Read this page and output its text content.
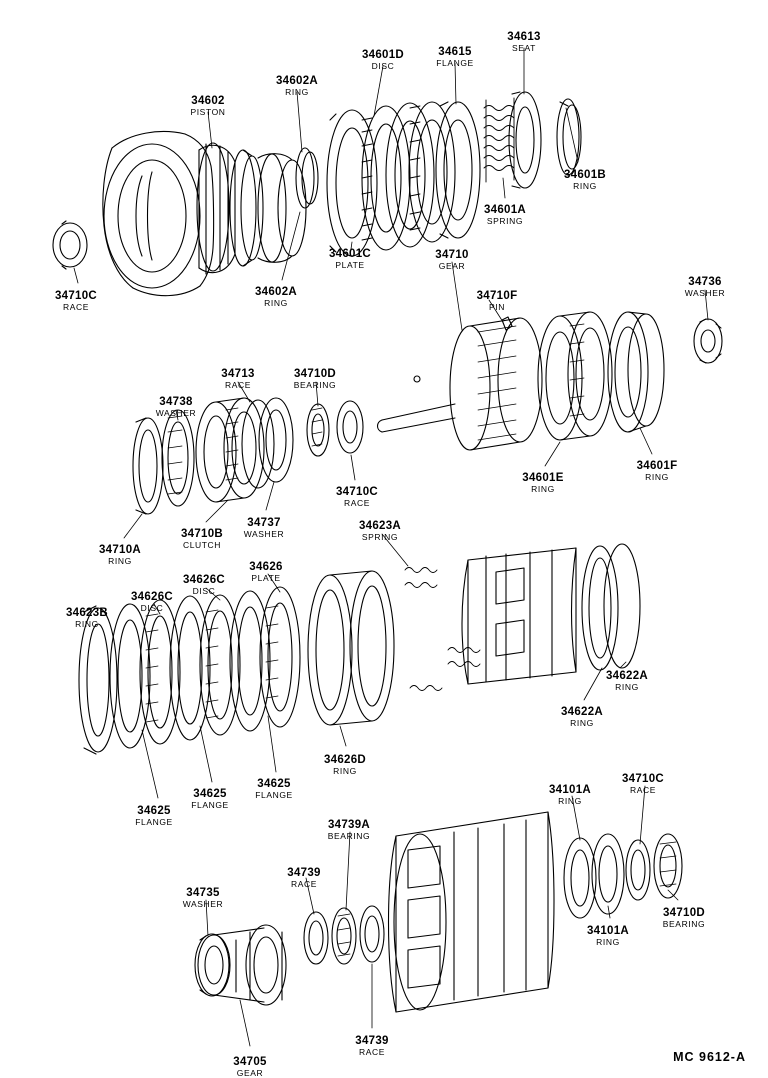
34602
PISTON
34602A
RING
34601D
DISC
34615
FLANGE
34613
SEAT
34601B
RING
34601A
SPRING
34601C
PLATE
34602A
RING
34710C
RACE
34710
GEAR
34710F
PIN
34736
WASHER
34601F
RING
34601E
RING
34713
RACE
34710D
BEARING
34738
WASHER
34710C
RACE
34737
WASHER
34710B
CLUTCH
34710A
RING
34623A
SPRING
34626
PLATE
34626C
DISC
34626C
DISC
34623B
RING
34622A
RING
34622A
RING
34626D
RING
34625
FLANGE
34625
FLANGE
34625
FLANGE
34101A
RING
34710C
RACE
34710D
BEARING
34101A
RING
34739A
BEARING
34739
RACE
34735
WASHER
34739
RACE
34705
GEAR
MC 9612-A
